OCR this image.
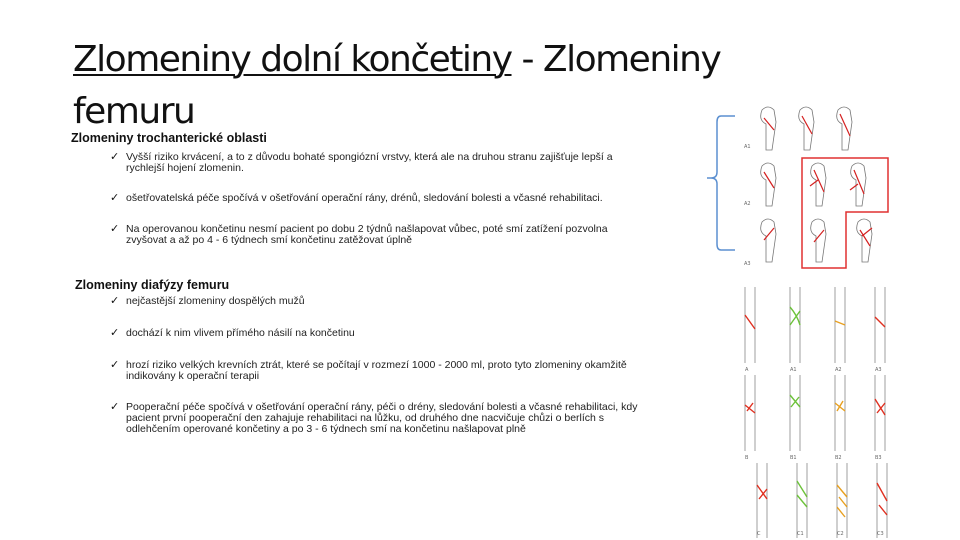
Zlomeniny dolní končetiny - Zlomeniny
femuru
Zlomeniny trochanterické oblasti
✓ Vyšší riziko krvácení, a to z důvodu bohaté spongiózní vrstvy, která ale na druhou stranu zajišťuje lepší a
rychlejší hojení zlomenin.
✓ ošetřovatelská péče spočívá v ošetřování operační rány, drénů, sledování bolesti a včasné rehabilitaci.
✓ Na operovanou končetinu nesmí pacient po dobu 2 týdnů našlapovat vůbec, poté smí zatížení pozvolna
zvyšovat a až po 4 - 6 týdnech smí končetinu zatěžovat úplně
Zlomeniny diafýzy femuru
✓ nejčastější zlomeniny dospělých mužů
✓ dochází k nim vlivem přímého násilí na končetinu
✓ hrozí riziko velkých krevních ztrát, které se počítají v rozmezí 1000 - 2000 ml, proto tyto zlomeniny okamžitě
indikovány k operační terapii
✓ Pooperační péče spočívá v ošetřování operační rány, péči o drény, sledování bolesti a včasné rehabilitaci, kdy
pacient první pooperační den zahajuje rehabilitaci na lůžku, od druhého dne nacvičuje chůzi o berlích s
odlehčením operované končetiny a po 3 - 6 týdnech smí na končetinu našlapovat plně
A1
A2
A3
A	A1	A2	A3
B	B1	B2	B3
C	C1	C2	C3
